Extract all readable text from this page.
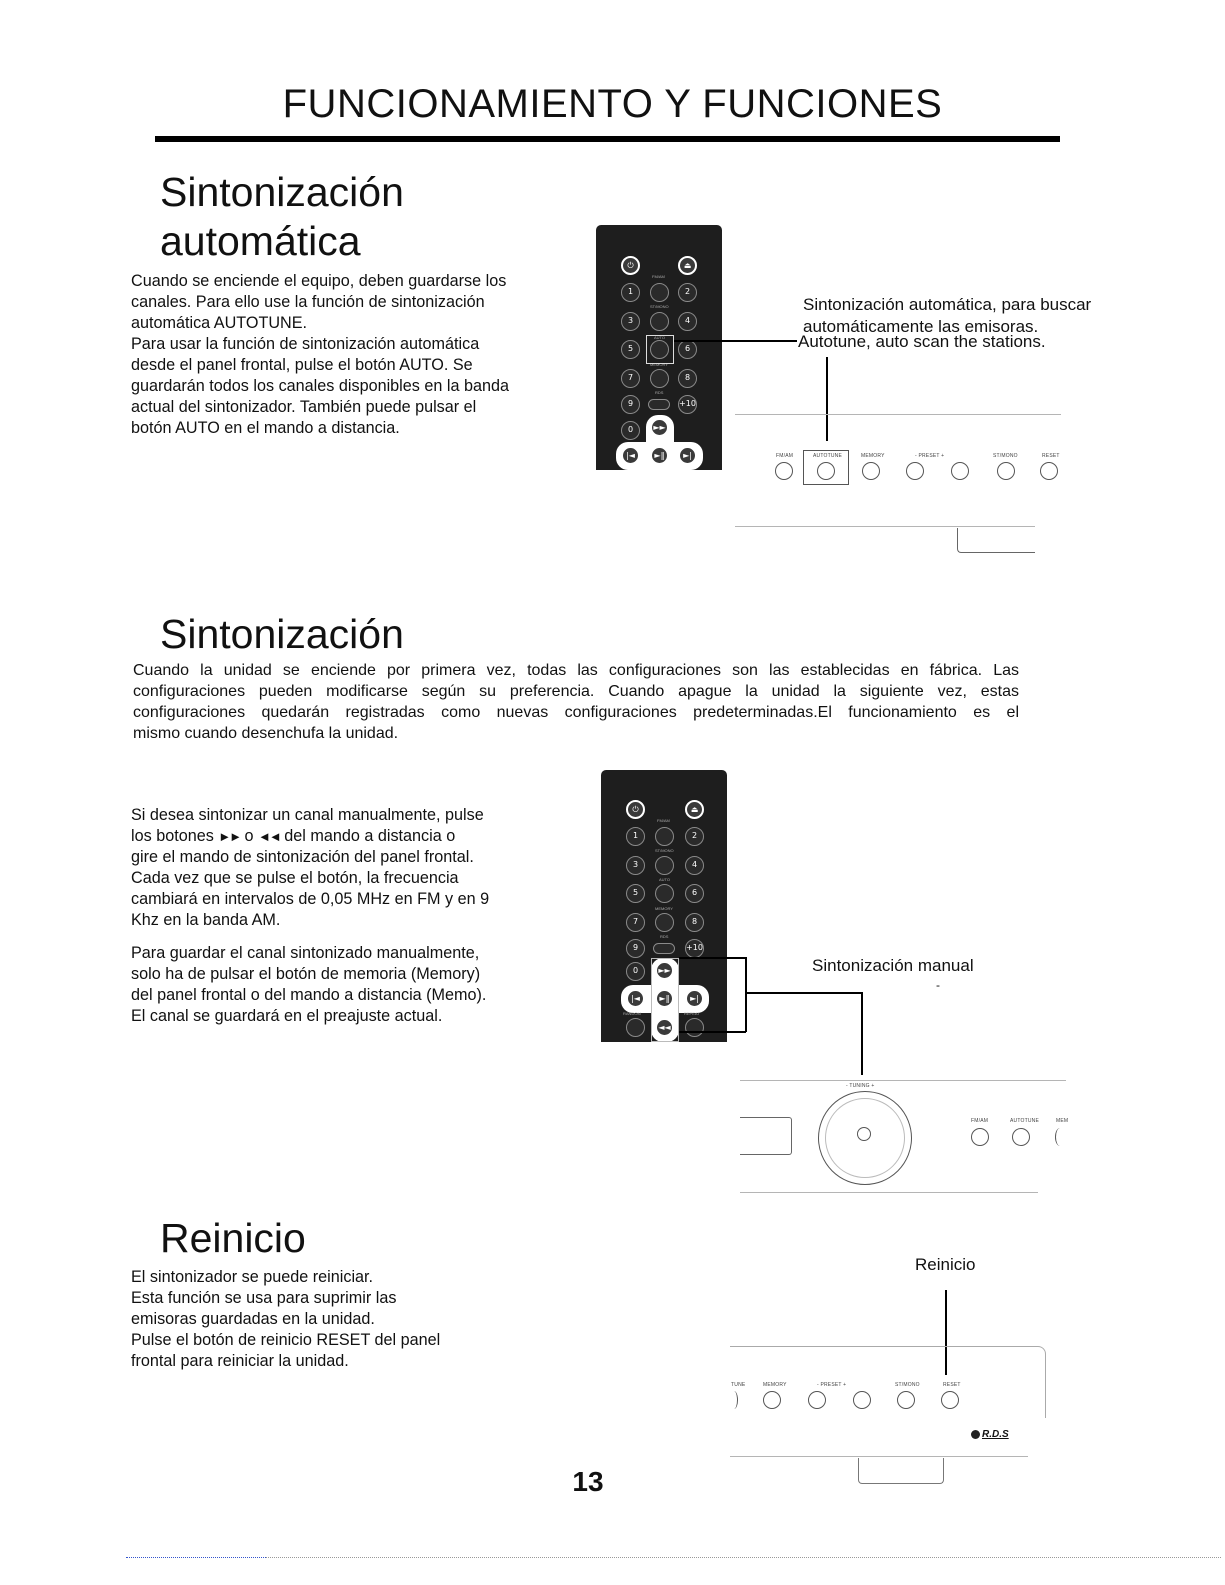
FUNCIONAMIENTO Y FUNCIONES
Sintonización
automática

Cuando se enciende el equipo, deben guardarse los

canales. Para ello use la función de sintonización

automática AUTOTUNE.

Para usar la función de sintonización automática

desde el panel frontal, pulse el botón AUTO. Se

guardarán todos los canales disponibles en la banda

actual del sintonizador. También puede pulsar el

botón AUTO en el mando a distancia.

⏻	⏏
FM/AM
1	2
ST/MONO
3	4
5
AUTO
6
MEMORY
7	8
RDS
9	+10
0	►►
|◄	►‖	►|
Sintonización automática, para buscar
automáticamente las emisoras.
Autotune, auto scan the stations.
FM/AM	AUTOTUNE	MEMORY	- PRESET +	ST/MONO	RESET
Sintonización

Cuando la unidad se enciende por primera vez, todas las configuraciones son las establecidas en fábrica. Las

configuraciones pueden modificarse según su preferencia. Cuando apague la unidad la siguiente vez, estas

configuraciones quedarán registradas como nuevas configuraciones predeterminadas.El funcionamiento es el

mismo cuando desenchufa la unidad.

Si desea sintonizar un canal manualmente, pulse

los botones ►► o ◄◄ del mando a distancia o

gire el mando de sintonización del panel frontal.

Cada vez que se pulse el botón, la frecuencia

cambiará en intervalos de 0,05 MHz en FM y en 9

Khz en la banda AM.

Para guardar el canal sintonizado manualmente,

solo ha de pulsar el botón de memoria (Memory)

del panel frontal o del mando a distancia (Memo).

El canal se guardará en el preajuste actual.

⏻	⏏
FM/AM
1	2
ST/MONO
3	4
AUTO
5	6
MEMORY
7	8
RDS
9	+10
0	►►
|◄	►‖	►|
RANDOM	REPEAT
◄◄
Sintonización manual
-
- TUNING +
FM/AM	AUTOTUNE	MEM
Reinicio

El sintonizador se puede reiniciar.

Esta función se usa para suprimir las

emisoras guardadas en la unidad.

Pulse el botón de reinicio RESET del panel

frontal para reiniciar la unidad.

Reinicio
TUNE	MEMORY	- PRESET +	ST/MONO	RESET
R.D.S
13
